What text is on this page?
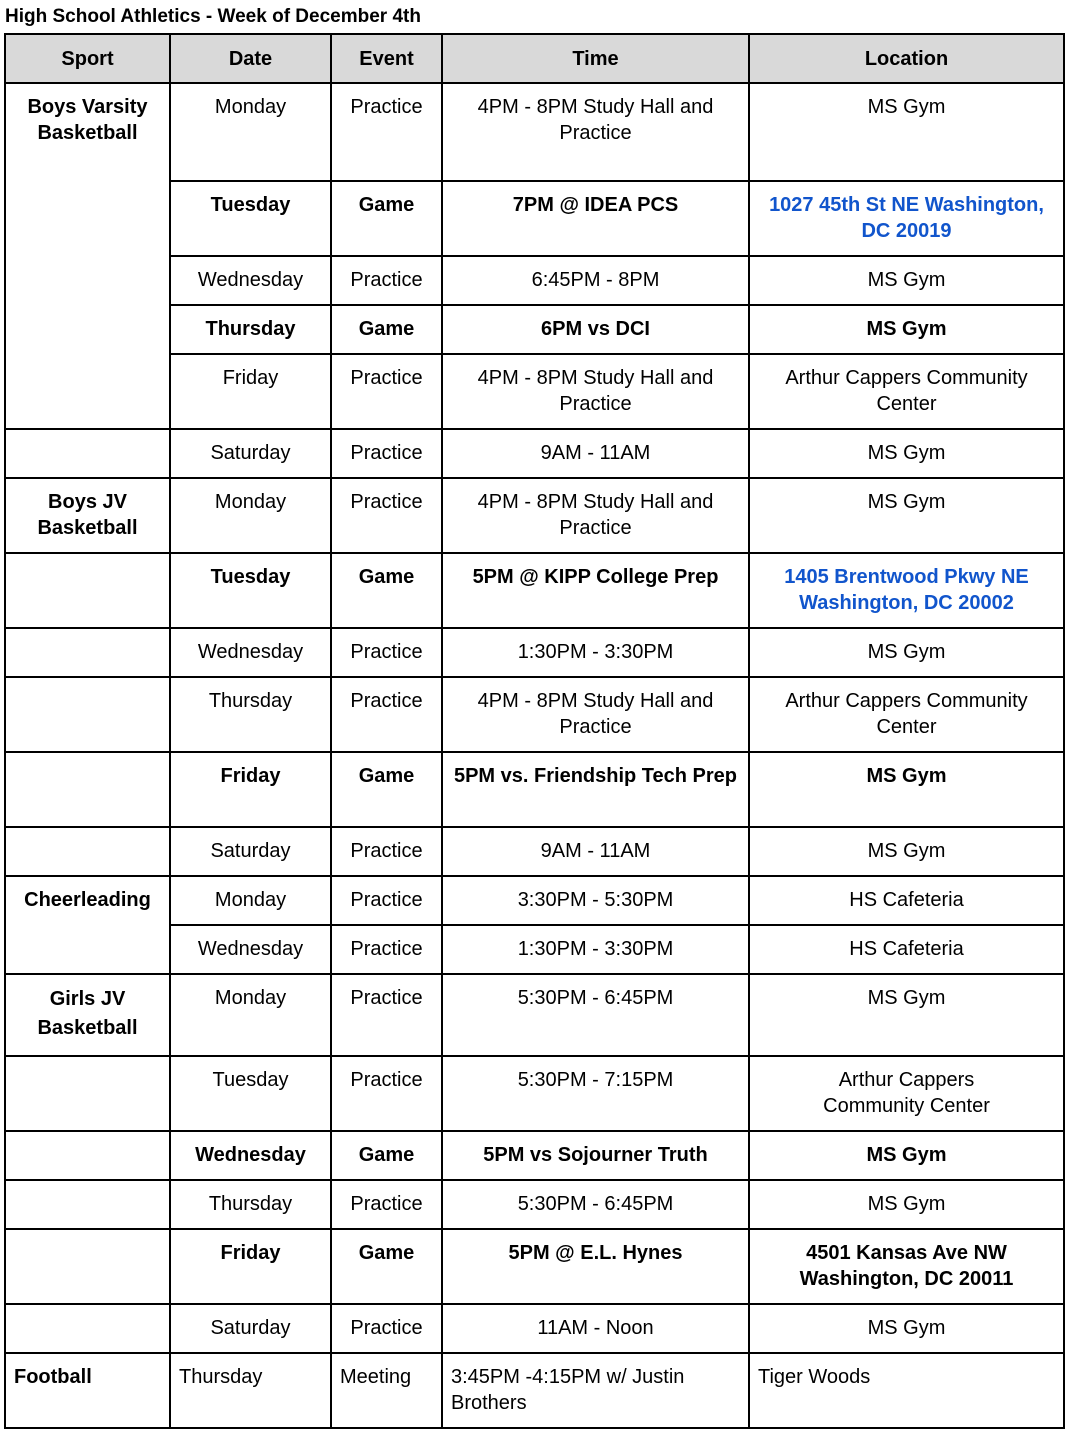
High School Athletics - Week of December 4th
Sport	Date	Event	Time	Location
Boys Varsity Basketball	Monday	Practice	4PM - 8PM Study Hall and Practice	MS Gym
	Tuesday	Game	7PM @ IDEA PCS	1027 45th St NE Washington, DC 20019
	Wednesday	Practice	6:45PM - 8PM	MS Gym
	Thursday	Game	6PM vs DCI	MS Gym
	Friday	Practice	4PM - 8PM Study Hall and Practice	Arthur Cappers Community Center
	Saturday	Practice	9AM - 11AM	MS Gym
Boys JV Basketball	Monday	Practice	4PM - 8PM Study Hall and Practice	MS Gym
	Tuesday	Game	5PM @ KIPP College Prep	1405 Brentwood Pkwy NE Washington, DC 20002
	Wednesday	Practice	1:30PM - 3:30PM	MS Gym
	Thursday	Practice	4PM - 8PM Study Hall and Practice	Arthur Cappers Community Center
	Friday	Game	5PM vs. Friendship Tech Prep	MS Gym
	Saturday	Practice	9AM - 11AM	MS Gym
Cheerleading	Monday	Practice	3:30PM - 5:30PM	HS Cafeteria
	Wednesday	Practice	1:30PM - 3:30PM	HS Cafeteria
Girls JV Basketball	Monday	Practice	5:30PM - 6:45PM	MS Gym
	Tuesday	Practice	5:30PM - 7:15PM	Arthur Cappers Community Center
	Wednesday	Game	5PM vs Sojourner Truth	MS Gym
	Thursday	Practice	5:30PM - 6:45PM	MS Gym
	Friday	Game	5PM @ E.L. Hynes	4501 Kansas Ave NW Washington, DC 20011
	Saturday	Practice	11AM - Noon	MS Gym
Football	Thursday	Meeting	3:45PM -4:15PM w/ Justin Brothers	Tiger Woods
